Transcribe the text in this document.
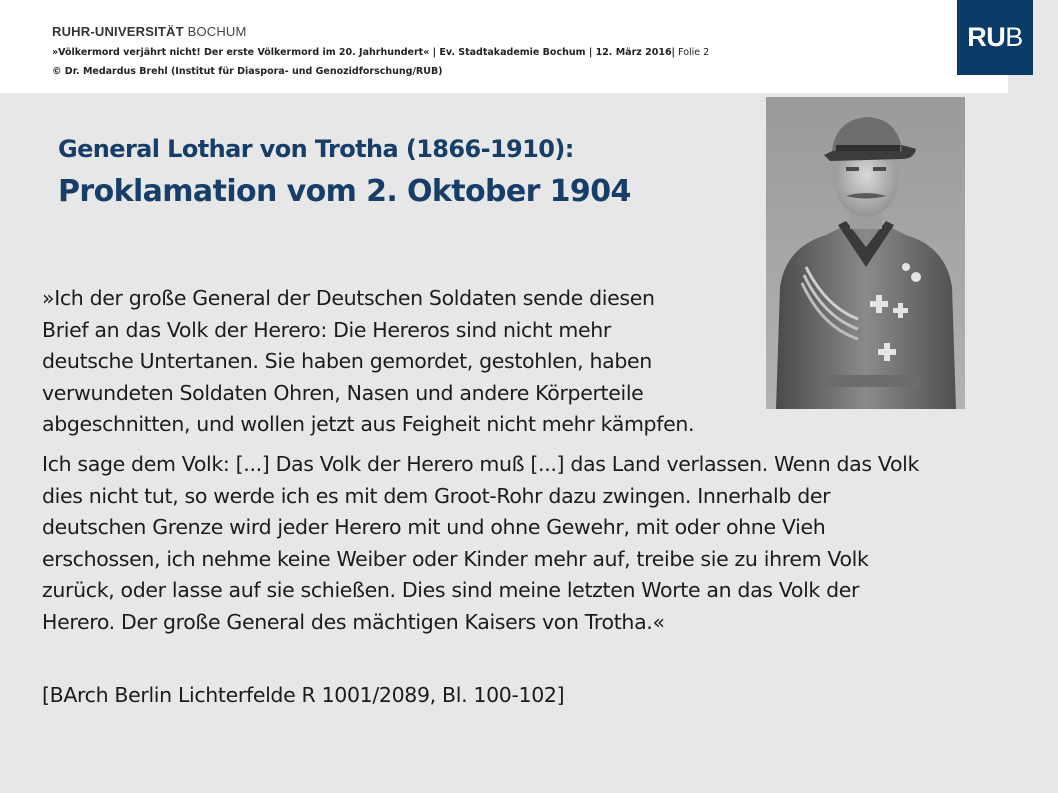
RUHR-UNIVERSITÄT BOCHUM
»Völkermord verjährt nicht! Der erste Völkermord im 20. Jahrhundert« | Ev. Stadtakademie Bochum | 12. März 2016| Folie 2
© Dr. Medardus Brehl (Institut für Diaspora- und Genozidforschung/RUB)
RU B
General Lothar von Trotha (1866-1910):
Proklamation vom 2. Oktober 1904
»Ich der große General der Deutschen Soldaten sende diesen
Brief an das Volk der Herero: Die Hereros sind nicht mehr
deutsche Untertanen. Sie haben gemordet, gestohlen, haben
verwundeten Soldaten Ohren, Nasen und andere Körperteile
abgeschnitten, und wollen jetzt aus Feigheit nicht mehr kämpfen.
Ich sage dem Volk: [...] Das Volk der Herero muß [...] das Land verlassen. Wenn das Volk
dies nicht tut, so werde ich es mit dem Groot-Rohr dazu zwingen. Innerhalb der
deutschen Grenze wird jeder Herero mit und ohne Gewehr, mit oder ohne Vieh
erschossen, ich nehme keine Weiber oder Kinder mehr auf, treibe sie zu ihrem Volk
zurück, oder lasse auf sie schießen. Dies sind meine letzten Worte an das Volk der
Herero. Der große General des mächtigen Kaisers von Trotha.«
[BArch Berlin Lichterfelde R 1001/2089, Bl. 100-102]
